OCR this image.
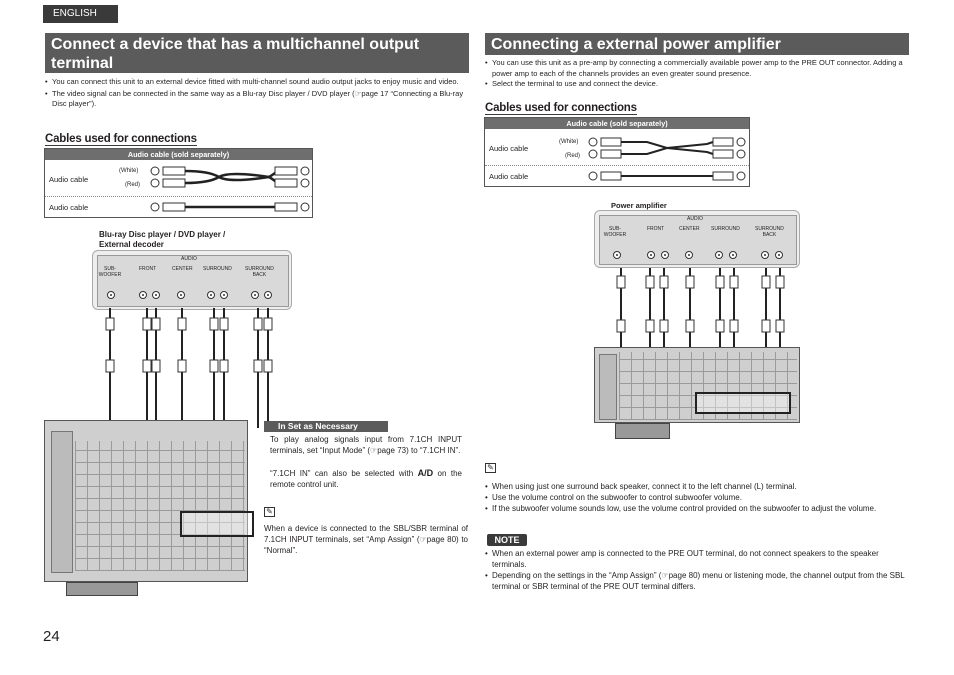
ENGLISH
Connect a device that has a multichannel output
terminal
• You can connect this unit to an external device fitted with multi-channel sound audio output jacks to enjoy music and video.
• The video signal can be connected in the same way as a Blu-ray Disc player / DVD player (☞page 17 “Connecting a Blu-ray Disc player”).
Cables used for connections
Audio cable (sold separately)
Audio cable
(White)
(Red)
Audio cable
Blu-ray Disc player / DVD player /
External decoder
AUDIO
SUB-
WOOFER
FRONT	CENTER SURROUND	SURROUND
BACK
In Set as Necessary
To play analog signals input from 7.1CH INPUT terminals, set “Input Mode” (☞page 73) to “7.1CH IN”.
“7.1CH IN” can also be selected with A/D on the remote control unit.
✎
When a device is connected to the SBL/SBR terminal of 7.1CH INPUT terminals, set “Amp Assign” (☞page 80) to “Normal”.
24
Connecting a external power amplifier
• You can use this unit as a pre-amp by connecting a commercially available power amp to the PRE OUT connector. Adding a power amp to each of the channels provides an even greater sound presence.
• Select the terminal to use and connect the device.
Cables used for connections
Audio cable (sold separately)
Audio cable
(White)
(Red)
Audio cable
Power amplifier
AUDIO
SUB-
WOOFER
FRONT	CENTER SURROUND	SURROUND
BACK
✎
• When using just one surround back speaker, connect it to the left channel (L) terminal.
• Use the volume control on the subwoofer to control subwoofer volume.
• If the subwoofer volume sounds low, use the volume control provided on the subwoofer to adjust the volume.
NOTE
• When an external power amp is connected to the PRE OUT terminal, do not connect speakers to the speaker terminals.
• Depending on the settings in the “Amp Assign” (☞page 80) menu or listening mode, the channel output from the SBL terminal or SBR terminal of the PRE OUT terminal differs.
